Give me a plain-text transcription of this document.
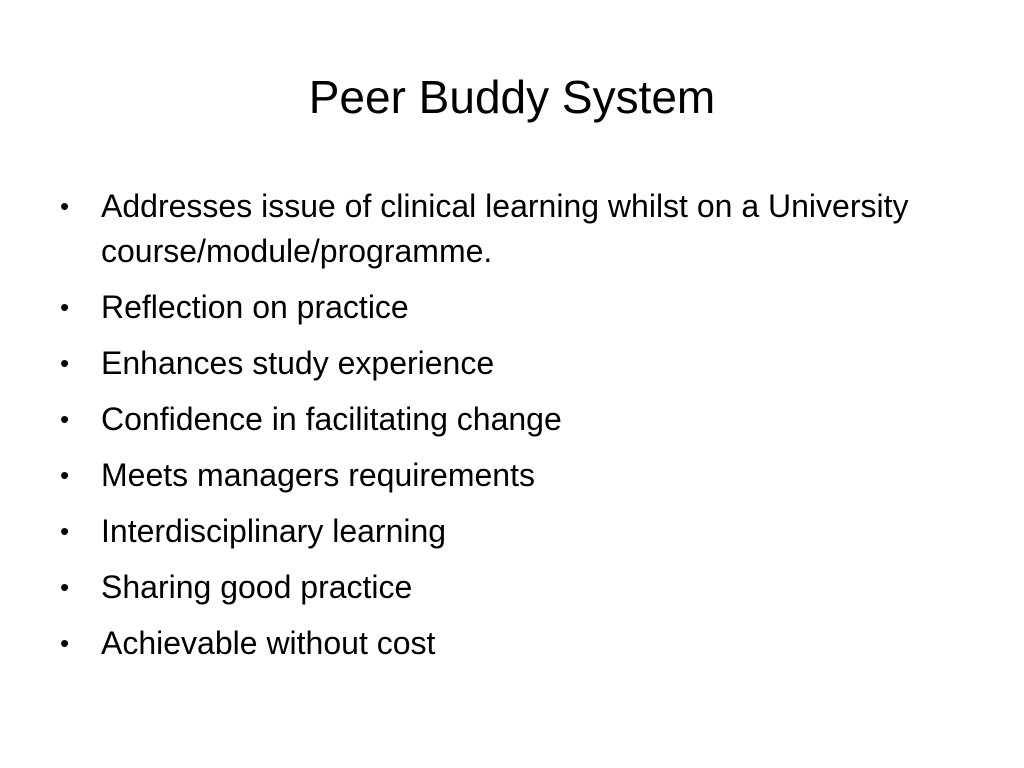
Peer Buddy System
• Addresses issue of clinical learning whilst on a University course/module/programme.
• Reflection on practice
• Enhances study experience
• Confidence in facilitating change
• Meets managers requirements
• Interdisciplinary learning
• Sharing good practice
• Achievable without cost
